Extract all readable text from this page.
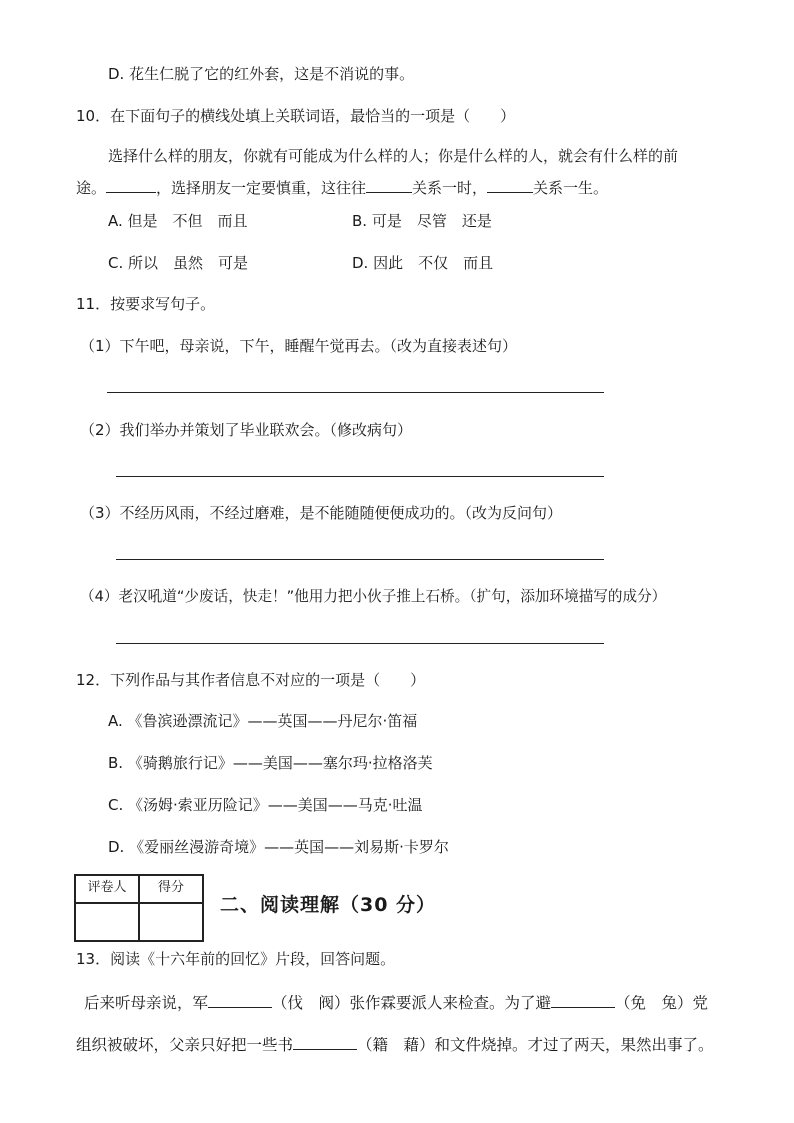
D. 花生仁脱了它的红外套，这是不消说的事。
10．在下面句子的横线处填上关联词语，最恰当的一项是（　　）
选择什么样的朋友，你就有可能成为什么样的人；你是什么样的人，就会有什么样的前
途。	，选择朋友一定要慎重，这往往	关系一时，	关系一生。
A. 但是　不但　而且	B. 可是　尽管　还是
C. 所以　虽然　可是	D. 因此　不仅　而且
11．按要求写句子。
（1）下午吧，母亲说，下午，睡醒午觉再去。（改为直接表述句）
（2）我们举办并策划了毕业联欢会。（修改病句）
（3）不经历风雨，不经过磨难，是不能随随便便成功的。（改为反问句）
（4）老汉吼道“少废话，快走！”他用力把小伙子推上石桥。（扩句，添加环境描写的成分）
12．下列作品与其作者信息不对应的一项是（　　）
A. 《鲁滨逊漂流记》——英国——丹尼尔·笛福
B. 《骑鹅旅行记》——美国——塞尔玛·拉格洛芙
C. 《汤姆·索亚历险记》——美国——马克·吐温
D. 《爱丽丝漫游奇境》——英国——刘易斯·卡罗尔
评卷人	得分

二、阅读理解（30 分）
13．阅读《十六年前的回忆》片段，回答问题。
后来听母亲说，军	（伐　阀）张作霖要派人来检查。为了避	（免　兔）党
组织被破坏，父亲只好把一些书	（籍　藉）和文件烧掉。才过了两天，果然出事了。
